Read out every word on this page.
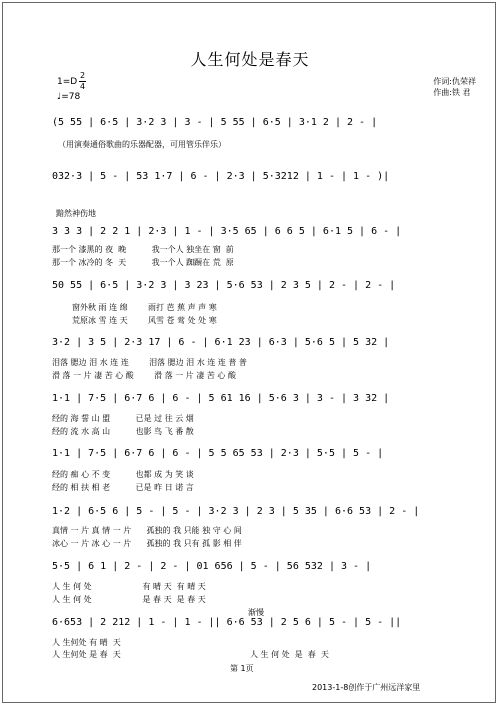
人生何处是春天
1=D
2
4
♩=78
作词:仇荣祥
作曲:铁 君
(5 55 | 6·5 | 3·2 3 | 3 - | 5 55 | 6·5 | 3·1 2 | 2 - |
（用演奏通俗歌曲的乐器配器，可用管乐伴乐）
032·3 | 5 - | 53 1·7 | 6 - | 2·3 | 5·3212 | 1 - | 1 - )|
黯然神伤地
3 3 3 | 2 2 1 | 2·3 | 1 - | 3·5 65 | 6 6 5 | 6·1 5 | 6 - |
那一个 漆黑的 夜  晚	我一个人 独坐在 窗  前
那一个 冰冷的 冬  天	我一个人 踟蹰在 荒  原
50 55 | 6·5 | 3·2 3 | 3 23 | 5·6 53 | 2 3 5 | 2 - | 2 - |
窗外秋 雨 连 绵	雨打 芭 蕉 声 声 寒
荒原冰 雪 连 天	风雪 苍 莺 处 处 寒
3·2 | 3 5 | 2·3 17 | 6 - | 6·1 23 | 6·3 | 5·6 5 | 5 32 |
泪落 腮边 泪 水 连 连	泪落 腮边 泪 水 连 连 普 普
滑 落 一 片 凄 苦 心 酸	滑 落 一 片 凄 苦 心 酸
1·1 | 7·5 | 6·7 6 | 6 - | 5 61 16 | 5·6 3 | 3 - | 3 32 |
经的 海 誓 山 盟	已是 过 往 云 烟
经的 流 水 高 山	也影 鸟 飞 番 散
1·1 | 7·5 | 6·7 6 | 6 - | 5 5 65 53 | 2·3 | 5·5 | 5 - |
经的 痴 心 不 变	也都 成 为 笑 谈
经的 相 扶 相 老	已是 昨 日 诺 言
1·2 | 6·5 6 | 5 - | 5 - | 3·2 3 | 2 3 | 5 35 | 6·6 53 | 2 - |
真情 一 片 真 情 一 片 孤独的 我 只能 独 守 心 间
冰心 一 片 冰 心 一 片 孤独的 我 只有 孤 影 相 伴
5·5 | 6 1 | 2 - | 2 - | 01 656 | 5 - | 56 532 | 3 - |
人 生 何 处	有 晴 天  有 晴 天
人 生 何 处	是 春 天  是 春 天
渐慢
6·653 | 2 212 | 1 - | 1 - || 6·6 53 | 2 5 6 | 5 - | 5 - ||
人 生何处 有 晴  天
人 生何处 是 春  天	人 生 何 处  是  春  天
第 1页
2013-1-8创作于广州远洋家里
